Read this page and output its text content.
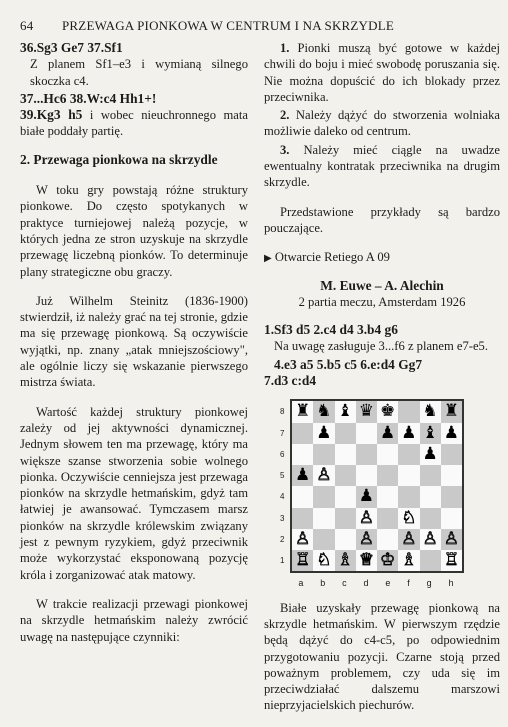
64 PRZEWAGA PIONKOWA W CENTRUM I NA SKRZYDLE

36.Sg3 Ge7 37.Sf1

Z planem Sf1–e3 i wymianą silnego skoczka c4.

37...Hc6 38.W:c4 Hh1+!

39.Kg3 h5 i wobec nieuchronnego mata białe poddały partię.

2. Przewaga pionkowa na skrzydle

W toku gry powstają różne struktury pionkowe. Do często spotykanych w praktyce turniejowej należą pozycje, w których jedna ze stron uzyskuje na skrzydle przewagę liczebną pionków. To determinuje plany strategiczne obu graczy.

Już Wilhelm Steinitz (1836-1900) stwierdził, iż należy grać na tej stronie, gdzie ma się przewagę pionkową. Są oczywiście wyjątki, np. znany „atak mniejszościowy", ale ogólnie liczy się wskazanie pierwszego mistrza świata.

Wartość każdej struktury pionkowej zależy od jej aktywności dynamicznej. Jednym słowem ten ma przewagę, który ma większe szanse stworzenia sobie wolnego pionka. Oczywiście cenniejsza jest przewaga pionków na skrzydle hetmańskim, gdyż tam łatwiej je awansować. Tymczasem marsz pionków na skrzydle królewskim związany jest z pewnym ryzykiem, gdyż przeciwnik może wykorzystać eksponowaną pozycję króla i zorganizować atak matowy.

W trakcie realizacji przewagi pionkowej na skrzydle hetmańskim należy zwrócić uwagę na następujące czynniki:

1. Pionki muszą być gotowe w każdej chwili do boju i mieć swobodę poruszania się. Nie można dopuścić do ich blokady przez przeciwnika.

2. Należy dążyć do stworzenia wolniaka możliwie daleko od centrum.

3. Należy mieć ciągle na uwadze ewentualny kontratak przeciwnika na drugim skrzydle.

Przedstawione przykłady są bardzo pouczające.

▶ Otwarcie Retiego A 09

M. Euwe – A. Alechin

2 partia meczu, Amsterdam 1926

1.Sf3 d5 2.c4 d4 3.b4 g6

Na uwagę zasługuje 3...f6 z planem e7-e5.

4.e3 a5 5.b5 c5 6.e:d4 Gg7

7.d3 c:d4

8 ♜ ♞ ♝ ♛ ♚ ♞ ♜
7 ♟	♟ ♟ ♝ ♟
6	♟
5 ♟ ♙
4	♟
3	♙ ♘
2 ♙	♙ ♙ ♙ ♙
1 ♖ ♘ ♗ ♕ ♔ ♗ ♖
a b c d e f g h

Białe uzyskały przewagę pionkową na skrzydle hetmańskim. W pierwszym rzędzie będą dążyć do c4-c5, po odpowiednim przygotowaniu pozycji. Czarne stoją przed poważnym problemem, czy uda się im przeciwdziałać dalszemu marszowi nieprzyjacielskich piechurów.
